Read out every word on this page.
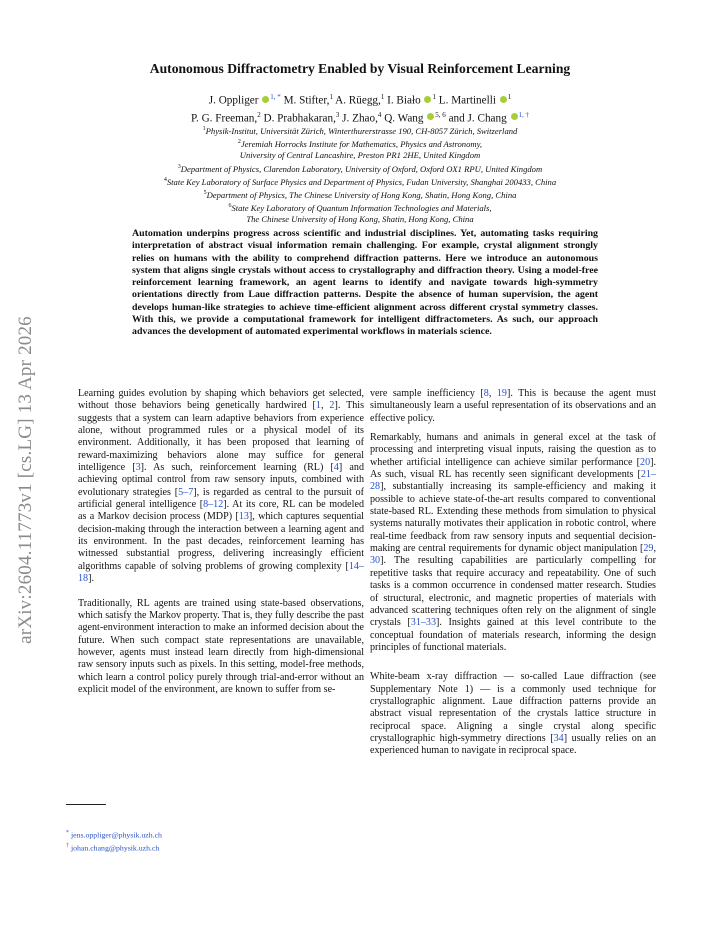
arXiv:2604.11773v1 [cs.LG] 13 Apr 2026
Autonomous Diffractometry Enabled by Visual Reinforcement Learning
J. Oppliger $^{1, *}$ M. Stifter,$^1$ A. Rüegg,$^1$ I. Biało $^1$ L. Martinelli $^1$
P. G. Freeman,$^2$ D. Prabhakaran,$^3$ J. Zhao,$^4$ Q. Wang $^{5, 6}$ and J. Chang $^{1, \dagger}$
$^1$Physik-Institut, Universität Zürich, Winterthurerstrasse 190, CH-8057 Zürich, Switzerland
$^2$Jeremiah Horrocks Institute for Mathematics, Physics and Astronomy,
University of Central Lancashire, Preston PR1 2HE, United Kingdom
$^3$Department of Physics, Clarendon Laboratory, University of Oxford, Oxford OX1 RPU, United Kingdom
$^4$State Key Laboratory of Surface Physics and Department of Physics, Fudan University, Shanghai 200433, China
$^5$Department of Physics, The Chinese University of Hong Kong, Shatin, Hong Kong, China
$^6$State Key Laboratory of Quantum Information Technologies and Materials,
The Chinese University of Hong Kong, Shatin, Hong Kong, China
Automation underpins progress across scientific and industrial disciplines. Yet, automating tasks requiring interpretation of abstract visual information remain challenging. For example, crystal alignment strongly relies on humans with the ability to comprehend diffraction patterns. Here we introduce an autonomous system that aligns single crystals without access to crystallography and diffraction theory. Using a model-free reinforcement learning framework, an agent learns to identify and navigate towards high-symmetry orientations directly from Laue diffraction patterns. Despite the absence of human supervision, the agent develops human-like strategies to achieve time-efficient alignment across different crystal symmetry classes. With this, we provide a computational framework for intelligent diffractometers. As such, our approach advances the development of automated experimental workflows in materials science.

Learning guides evolution by shaping which behaviors get selected, without those behaviors being genetically hardwired [1, 2]. This suggests that a system can learn adaptive behaviors from experience alone, without programmed rules or a physical model of its environment. Additionally, it has been proposed that learning of reward-maximizing behaviors alone may suffice for general intelligence [3]. As such, reinforcement learning (RL) [4] and achieving optimal control from raw sensory inputs, combined with evolutionary strategies [5–7], is regarded as central to the pursuit of artificial general intelligence [8–12]. At its core, RL can be modeled as a Markov decision process (MDP) [13], which captures sequential decision-making through the interaction between a learning agent and its environment. In the past decades, reinforcement learning has witnessed substantial progress, delivering increasingly efficient algorithms capable of solving problems of growing complexity [14–18].

Traditionally, RL agents are trained using state-based observations, which satisfy the Markov property. That is, they fully describe the past agent-environment interaction to make an informed decision about the future. When such compact state representations are unavailable, however, agents must instead learn directly from high-dimensional raw sensory inputs such as pixels. In this setting, model-free methods, which learn a control policy purely through trial-and-error without an explicit model of the environment, are known to suffer from se-

vere sample inefficiency [8, 19]. This is because the agent must simultaneously learn a useful representation of its observations and an effective policy.

Remarkably, humans and animals in general excel at the task of processing and interpreting visual inputs, raising the question as to whether artificial intelligence can achieve similar performance [20]. As such, visual RL has recently seen significant developments [21–28], substantially increasing its sample-efficiency and making it possible to achieve state-of-the-art results compared to conventional state-based RL. Extending these methods from simulation to physical systems naturally motivates their application in robotic control, where real-time feedback from raw sensory inputs and sequential decision-making are central requirements for dynamic object manipulation [29, 30]. The resulting capabilities are particularly compelling for repetitive tasks that require accuracy and repeatability. One of such tasks is a common occurrence in condensed matter research. Studies of structural, electronic, and magnetic properties of materials with advanced scattering techniques often rely on the alignment of single crystals [31–33]. Insights gained at this level contribute to the conceptual foundation of materials research, informing the design principles of functional materials.

White-beam x-ray diffraction — so-called Laue diffraction (see Supplementary Note 1) — is a commonly used technique for crystallographic alignment. Laue diffraction patterns provide an abstract visual representation of the crystals lattice structure in reciprocal space. Aligning a single crystal along specific crystallographic high-symmetry directions [34] usually relies on an experienced human to navigate in reciprocal space.

* jens.oppliger@physik.uzh.ch
† johan.chang@physik.uzh.ch
